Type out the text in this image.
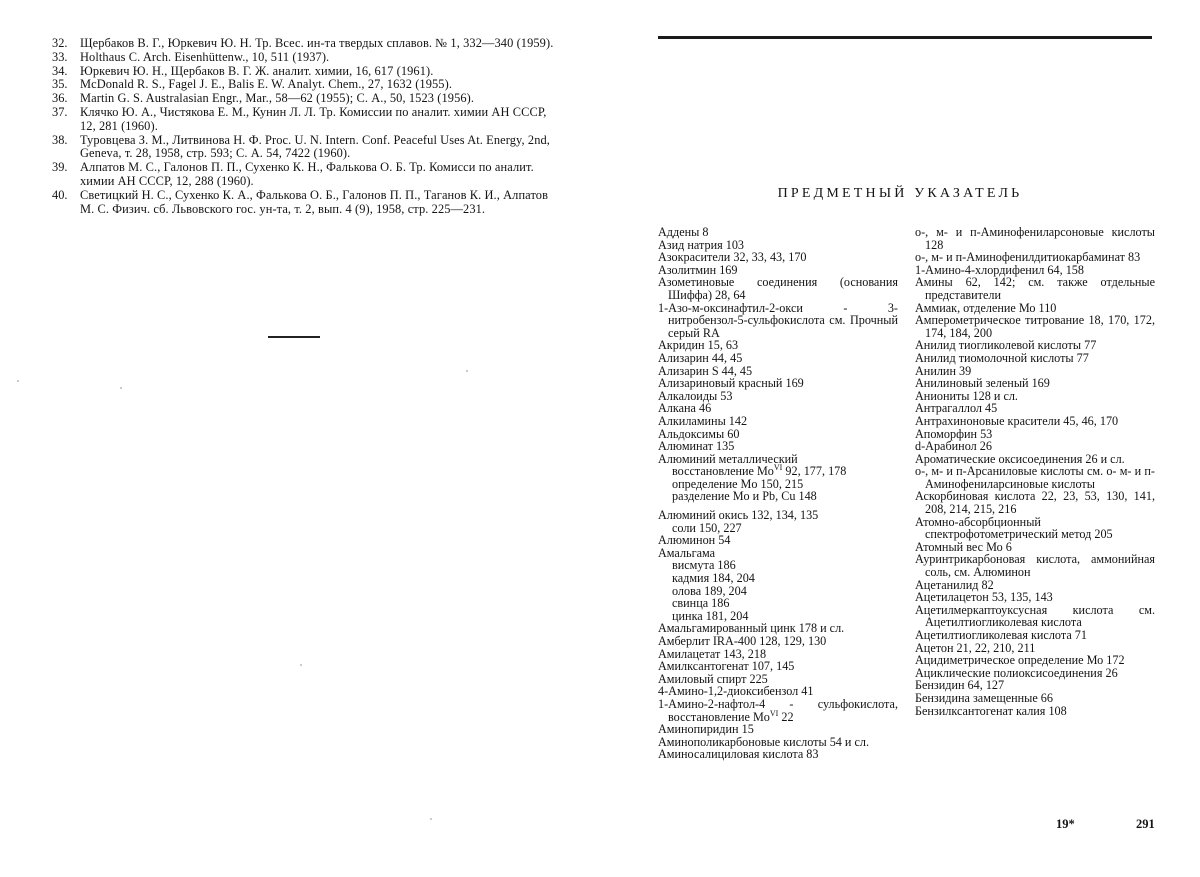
32. Щербаков В. Г., Юркевич Ю. Н. Тр. Всес. ин-та твердых сплавов. № 1, 332—340 (1959).

33. Holthaus C. Arch. Eisenhüttenw., 10, 511 (1937).

34. Юркевич Ю. Н., Щербаков В. Г. Ж. аналит. химии, 16, 617 (1961).

35. McDonald R. S., Fagel J. E., Balis E. W. Analyt. Chem., 27, 1632 (1955).

36. Martin G. S. Australasian Engr., Mar., 58—62 (1955); С. А., 50, 1523 (1956).

37. Клячко Ю. А., Чистякова Е. М., Кунин Л. Л. Тр. Комиссии по аналит. химии АН СССР, 12, 281 (1960).

38. Туровцева З. М., Литвинова Н. Ф. Proc. U. N. Intern. Conf. Peaceful Uses At. Energy, 2nd, Geneva, т. 28, 1958, стр. 593; С. А. 54, 7422 (1960).

39. Алпатов М. С., Галонов П. П., Сухенко К. Н., Фалькова О. Б. Тр. Комисси по аналит. химии АН СССР, 12, 288 (1960).

40. Светицкий Н. С., Сухенко К. А., Фалькова О. Б., Галонов П. П., Таганов К. И., Алпатов М. С. Физич. сб. Львовского гос. ун-та, т. 2, вып. 4 (9), 1958, стр. 225—231.

ПРЕДМЕТНЫЙ УКАЗАТЕЛЬ

Аддены 8

Азид натрия 103

Азокрасители 32, 33, 43, 170

Азолитмин 169

Азометиновые соединения (основания Шиффа) 28, 64

1-Азо-м-оксинафтил-2-окси - 3-нитробензол-5-сульфокислота см. Прочный серый RA

Акридин 15, 63

Ализарин 44, 45

Ализарин S 44, 45

Ализариновый красный 169

Алкалоиды 53

Алкана 46

Алкиламины 142

Альдоксимы 60

Алюминат 135

Алюминий металлический

восстановление $Mo^{VI}$ 92, 177, 178

определение Mo 150, 215

разделение Mo и Pb, Cu 148

Алюминий окись 132, 134, 135

соли 150, 227

Алюминон 54

Амальгама

висмута 186

кадмия 184, 204

олова 189, 204

свинца 186

цинка 181, 204

Амальгамированный цинк 178 и сл.

Амберлит IRA-400 128, 129, 130

Амилацетат 143, 218

Амилксантогенат 107, 145

Амиловый спирт 225

4-Амино-1,2-диоксибензол 41

1-Амино-2-нафтол-4 - сульфокислота, восстановление $Mo^{VI}$ 22

Аминопиридин 15

Аминополикарбоновые кислоты 54 и сл.

Аминосалициловая кислота 83

о-, м- и п-Аминофениларсоновые кислоты 128

о-, м- и п-Аминофенилдитиокарбаминат 83

1-Амино-4-хлордифенил 64, 158

Амины 62, 142; см. также отдельные представители

Аммиак, отделение Мо 110

Амперометрическое титрование 18, 170, 172, 174, 184, 200

Анилид тиогликолевой кислоты 77

Анилид тиомолочной кислоты 77

Анилин 39

Анилиновый зеленый 169

Аниониты 128 и сл.

Антрагаллол 45

Антрахиноновые красители 45, 46, 170

Апоморфин 53

d-Арабинол 26

Ароматические оксисоединения 26 и сл.

о-, м- и п-Арсаниловые кислоты см. о- м- и п-Аминофениларсиновые кислоты

Аскорбиновая кислота 22, 23, 53, 130, 141, 208, 214, 215, 216

Атомно-абсорбционный спектрофотометрический метод 205

Атомный вес Мо 6

Ауринтрикарбоновая кислота, аммонийная соль, см. Алюминон

Ацетанилид 82

Ацетилацетон 53, 135, 143

Ацетилмеркаптоуксусная кислота см. Ацетилтиогликолевая кислота

Ацетилтиогликолевая кислота 71

Ацетон 21, 22, 210, 211

Ацидиметрическое определение Мо 172

Ациклические полиоксисоединения 26

Бензидин 64, 127

Бензидина замещенные 66

Бензилксантогенат калия 108

19*	291
